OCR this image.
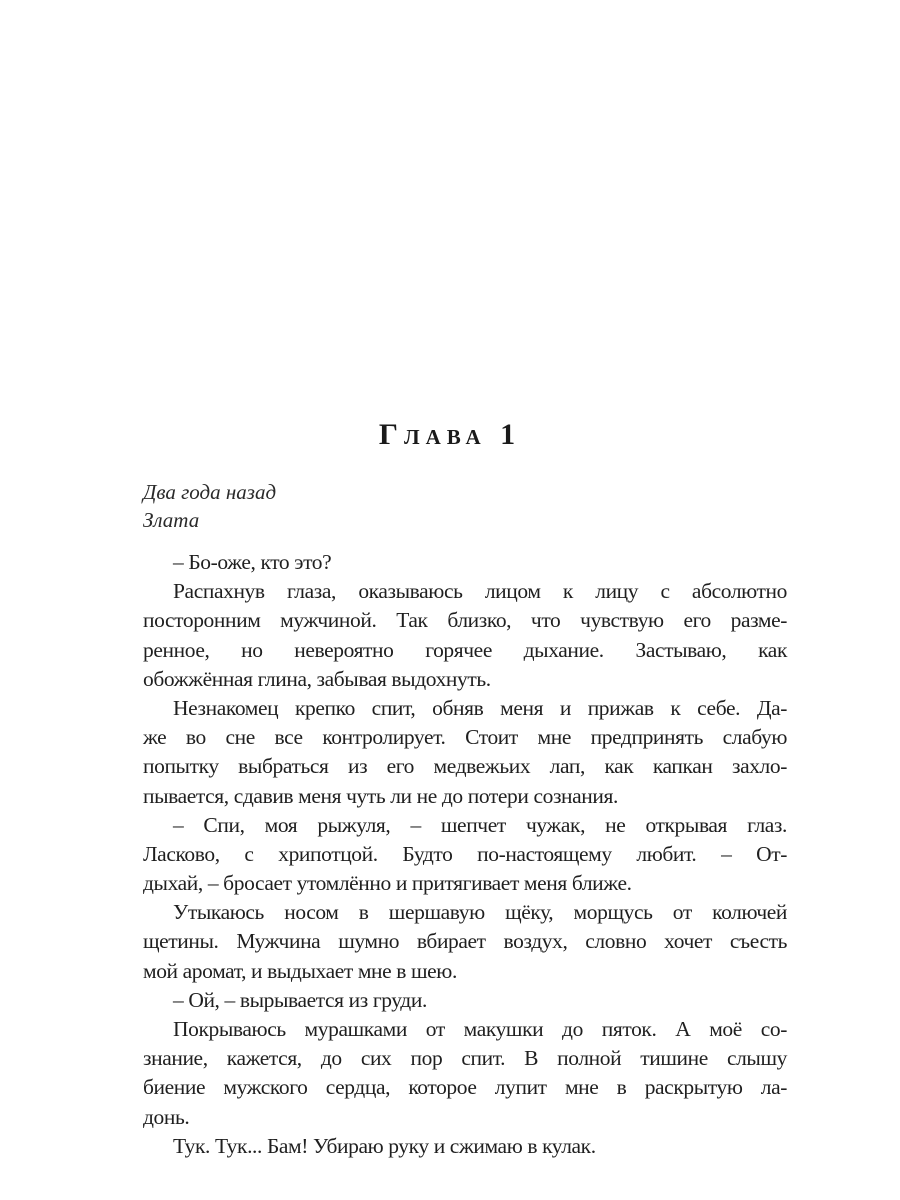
Глава 1
Два года назад
Злата
– Бо-оже, кто это?
Распахнув глаза, оказываюсь лицом к лицу с абсолютно
посторонним мужчиной. Так близко, что чувствую его разме-
ренное, но невероятно горячее дыхание. Застываю, как
обожжённая глина, забывая выдохнуть.
Незнакомец крепко спит, обняв меня и прижав к себе. Да-
же во сне все контролирует. Стоит мне предпринять слабую
попытку выбраться из его медвежьих лап, как капкан захло-
пывается, сдавив меня чуть ли не до потери сознания.
– Спи, моя рыжуля, – шепчет чужак, не открывая глаз.
Ласково, с хрипотцой. Будто по-настоящему любит. – От-
дыхай, – бросает утомлённо и притягивает меня ближе.
Утыкаюсь носом в шершавую щёку, морщусь от колючей
щетины. Мужчина шумно вбирает воздух, словно хочет съесть
мой аромат, и выдыхает мне в шею.
– Ой, – вырывается из груди.
Покрываюсь мурашками от макушки до пяток. А моё со-
знание, кажется, до сих пор спит. В полной тишине слышу
биение мужского сердца, которое лупит мне в раскрытую ла-
донь.
Тук. Тук... Бам! Убираю руку и сжимаю в кулак.
